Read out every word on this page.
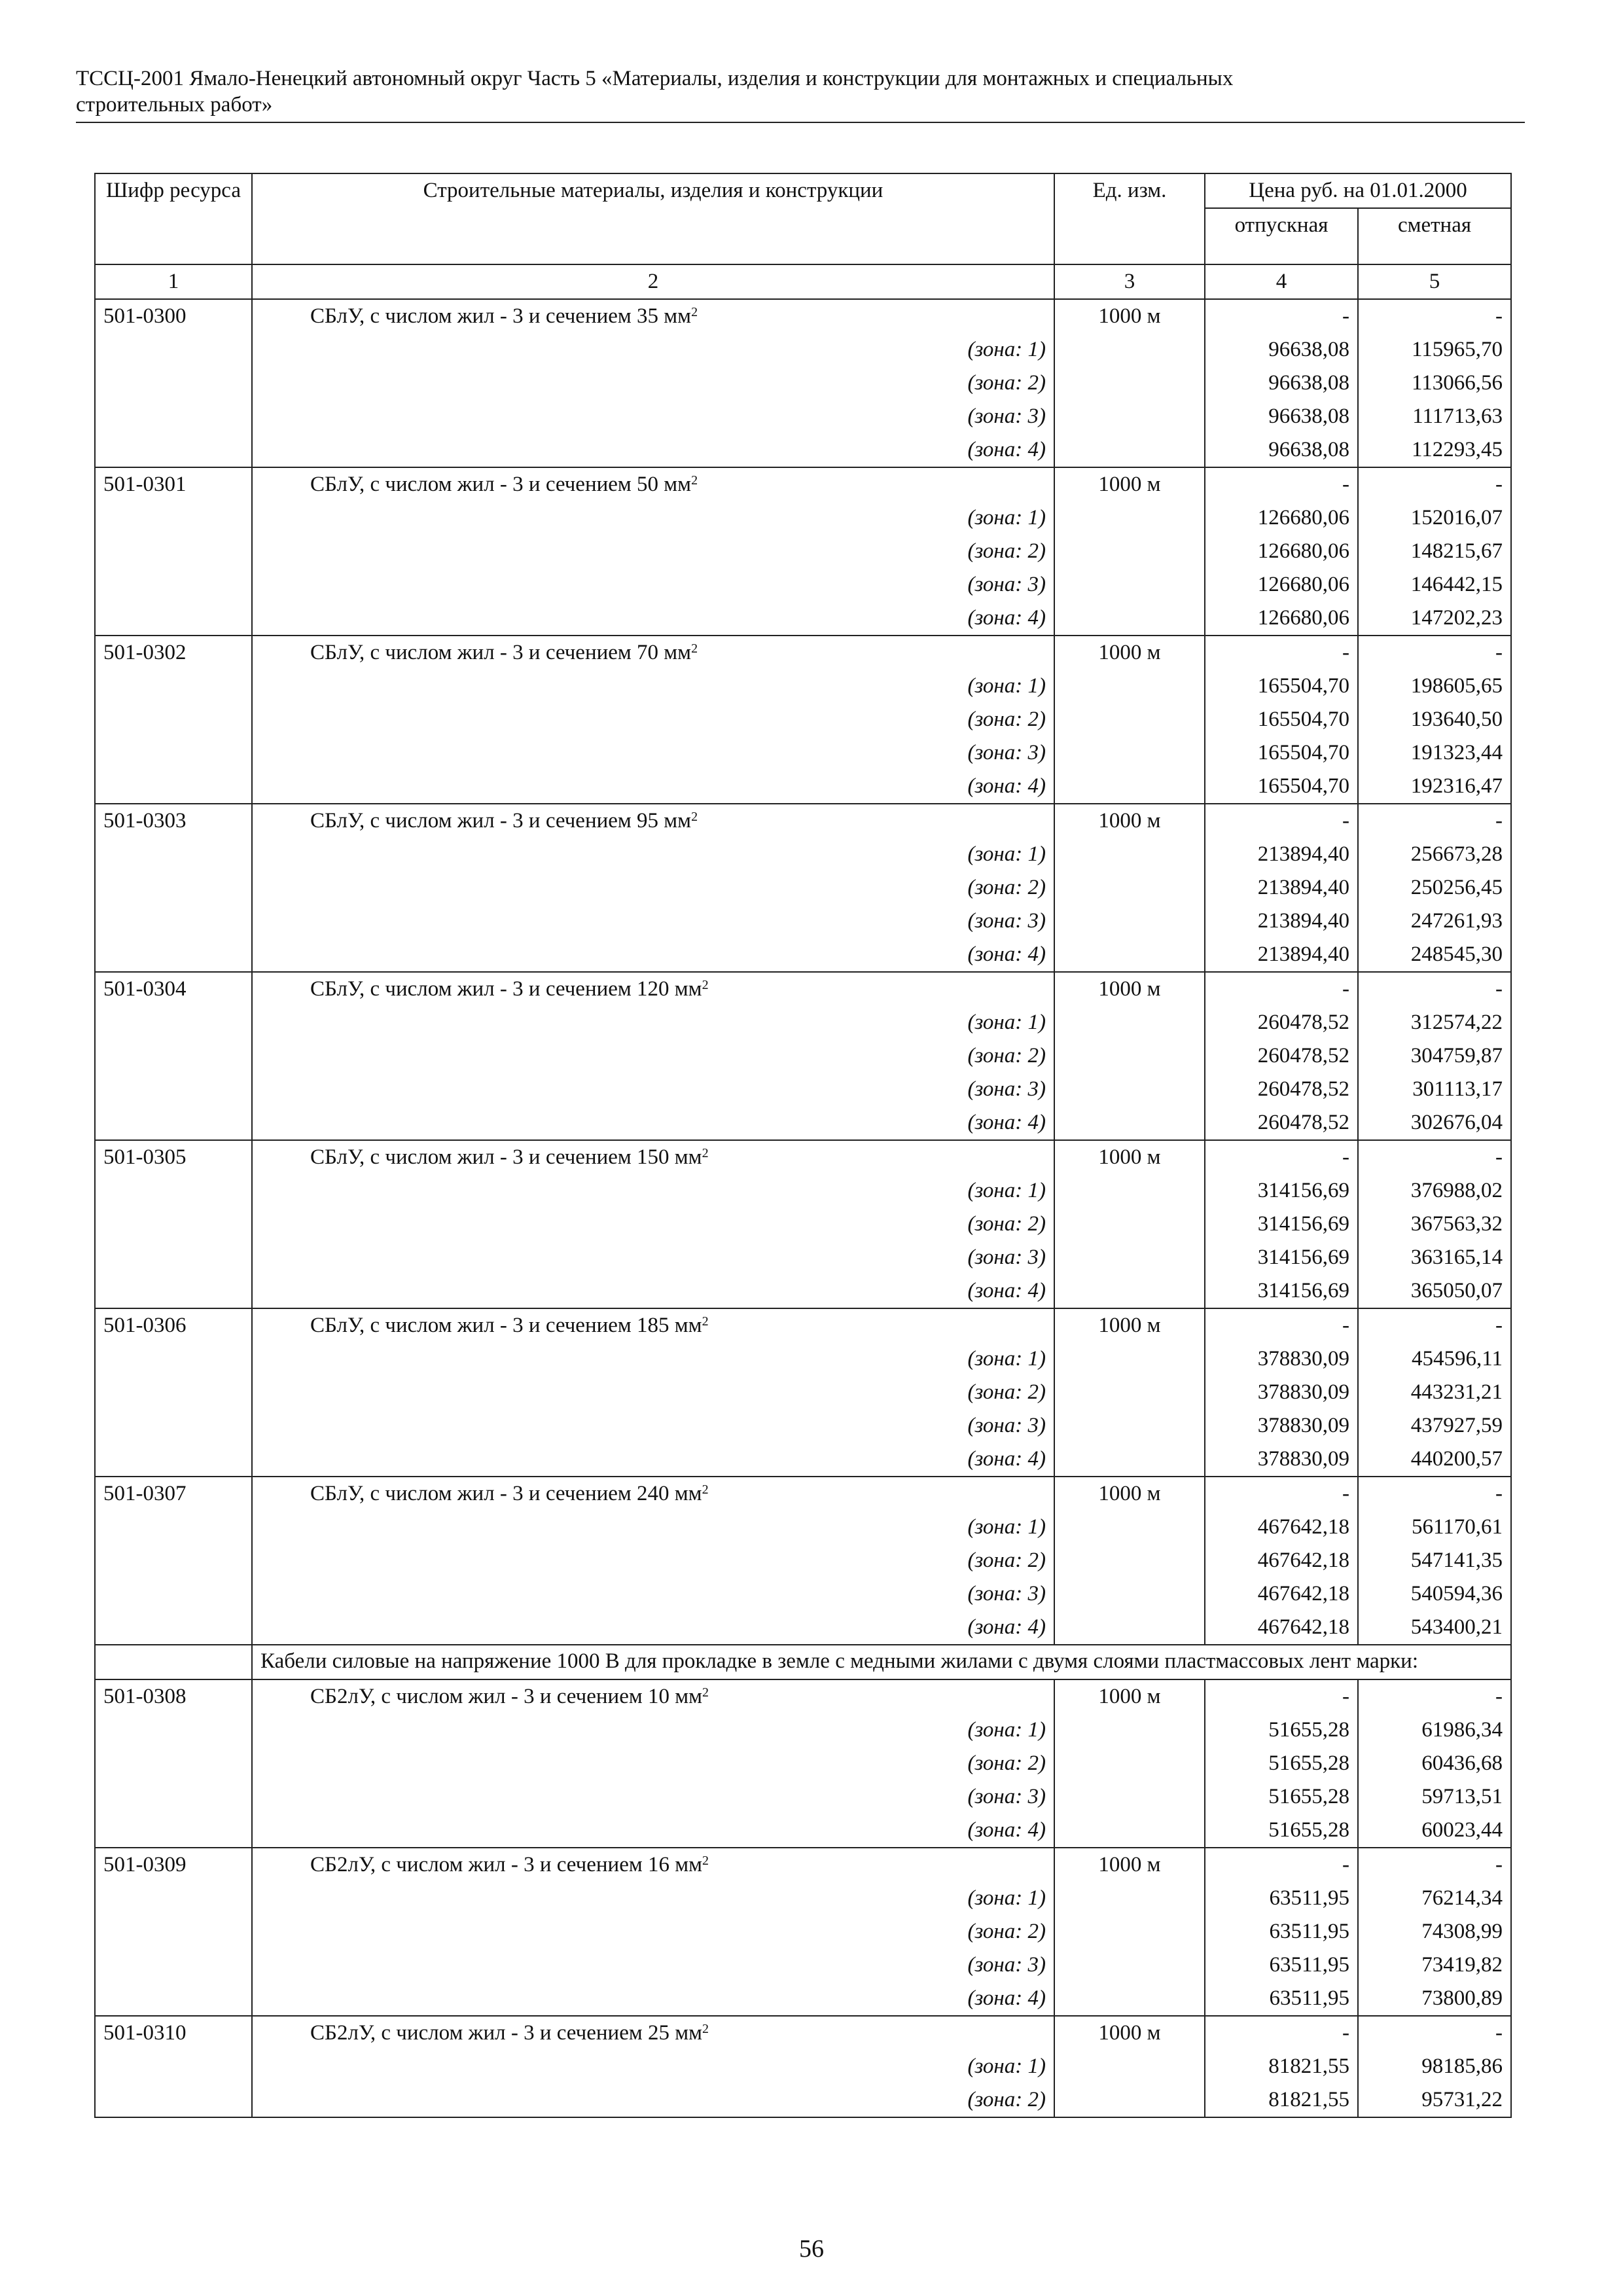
ТССЦ-2001 Ямало-Ненецкий автономный округ Часть 5 «Материалы, изделия и конструкции для монтажных и специальных
строительных работ»
Шифр ресурса	Строительные материалы, изделия и конструкции	Ед. изм.	Цена руб. на 01.01.2000	
			отпускная	сметная
1	2	3	4	5
501-0300	СБлУ, с числом жил - 3 и сечением 35 $мм^2$	1000 м	-	-
	(зона: 1)		96638,08	115965,70
	(зона: 2)		96638,08	113066,56
	(зона: 3)		96638,08	111713,63
	(зона: 4)		96638,08	112293,45
501-0301	СБлУ, с числом жил - 3 и сечением 50 $мм^2$	1000 м	-	-
	(зона: 1)		126680,06	152016,07
	(зона: 2)		126680,06	148215,67
	(зона: 3)		126680,06	146442,15
	(зона: 4)		126680,06	147202,23
501-0302	СБлУ, с числом жил - 3 и сечением 70 $мм^2$	1000 м	-	-
	(зона: 1)		165504,70	198605,65
	(зона: 2)		165504,70	193640,50
	(зона: 3)		165504,70	191323,44
	(зона: 4)		165504,70	192316,47
501-0303	СБлУ, с числом жил - 3 и сечением 95 $мм^2$	1000 м	-	-
	(зона: 1)		213894,40	256673,28
	(зона: 2)		213894,40	250256,45
	(зона: 3)		213894,40	247261,93
	(зона: 4)		213894,40	248545,30
501-0304	СБлУ, с числом жил - 3 и сечением 120 $мм^2$	1000 м	-	-
	(зона: 1)		260478,52	312574,22
	(зона: 2)		260478,52	304759,87
	(зона: 3)		260478,52	301113,17
	(зона: 4)		260478,52	302676,04
501-0305	СБлУ, с числом жил - 3 и сечением 150 $мм^2$	1000 м	-	-
	(зона: 1)		314156,69	376988,02
	(зона: 2)		314156,69	367563,32
	(зона: 3)		314156,69	363165,14
	(зона: 4)		314156,69	365050,07
501-0306	СБлУ, с числом жил - 3 и сечением 185 $мм^2$	1000 м	-	-
	(зона: 1)		378830,09	454596,11
	(зона: 2)		378830,09	443231,21
	(зона: 3)		378830,09	437927,59
	(зона: 4)		378830,09	440200,57
501-0307	СБлУ, с числом жил - 3 и сечением 240 $мм^2$	1000 м	-	-
	(зона: 1)		467642,18	561170,61
	(зона: 2)		467642,18	547141,35
	(зона: 3)		467642,18	540594,36
	(зона: 4)		467642,18	543400,21
	Кабели силовые на напряжение 1000 В для прокладке в земле с медными жилами с двумя слоями пластмассовых лент марки:			
501-0308	СБ2лУ, с числом жил - 3 и сечением 10 $мм^2$	1000 м	-	-
	(зона: 1)		51655,28	61986,34
	(зона: 2)		51655,28	60436,68
	(зона: 3)		51655,28	59713,51
	(зона: 4)		51655,28	60023,44
501-0309	СБ2лУ, с числом жил - 3 и сечением 16 $мм^2$	1000 м	-	-
	(зона: 1)		63511,95	76214,34
	(зона: 2)		63511,95	74308,99
	(зона: 3)		63511,95	73419,82
	(зона: 4)		63511,95	73800,89
501-0310	СБ2лУ, с числом жил - 3 и сечением 25 $мм^2$	1000 м	-	-
	(зона: 1)		81821,55	98185,86
	(зона: 2)		81821,55	95731,22
56
